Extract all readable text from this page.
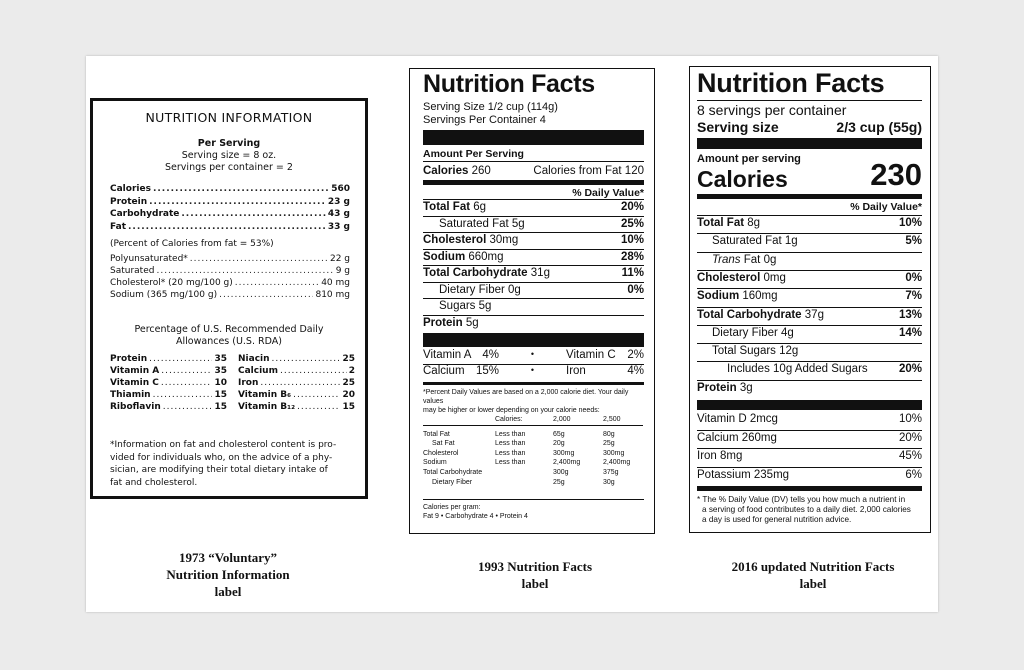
NUTRITION INFORMATION
Per Serving
Serving size = 8 oz.
Servings per container = 2
Calories .....	560
Protein .....	23 g
Carbohydrate .....	43 g
Fat .....	33 g
(Percent of Calories from fat = 53%)
Polyunsaturated* .....	22 g
Saturated .....	9 g
Cholesterol* (20 mg/100 g) .....	40 mg
Sodium (365 mg/100 g) .....	810 mg
Percentage of U.S. Recommended Daily
Allowances (U.S. RDA)
Protein .....	35
Vitamin A .....	35
Vitamin C .....	10
Thiamin .....	15
Riboflavin .....	15
Niacin .....	25
Calcium .....	2
Iron .....	25
Vitamin B₆ .....	20
Vitamin B₁₂ .....	15
*Information on fat and cholesterol content is pro-
vided for individuals who, on the advice of a phy-
sician, are modifying their total dietary intake of
fat and cholesterol.
1973 “Voluntary”
Nutrition Information
label
Nutrition Facts
Serving Size 1/2 cup (114g)
Servings Per Container 4
Amount Per Serving
Calories 260	Calories from Fat 120
% Daily Value*
Total Fat 6g	20%
Saturated Fat 5g	25%
Cholesterol 30mg	10%
Sodium 660mg	28%
Total Carbohydrate 31g	11%
Dietary Fiber 0g	0%
Sugars 5g
Protein 5g
Vitamin A 4%	•	Vitamin C 2%
Calcium 15%	•	Iron	4%
*Percent Daily Values are based on a 2,000 calorie diet. Your daily values
may be higher or lower depending on your calorie needs:
	Calories:	2,000	2,500

Total Fat	Less than	65g	80g
Sat Fat	Less than	20g	25g
Cholesterol	Less than	300mg	300mg
Sodium	Less than	2,400mg	2,400mg
Total Carbohydrate		300g	375g
Dietary Fiber		25g	30g
Calories per gram:
Fat 9 • Carbohydrate 4 • Protein 4
1993 Nutrition Facts
label
Nutrition Facts
8 servings per container
Serving size	2/3 cup (55g)
Amount per serving
Calories	230
% Daily Value*
Total Fat 8g	10%
Saturated Fat 1g	5%
Trans Fat 0g
Cholesterol 0mg	0%
Sodium 160mg	7%
Total Carbohydrate 37g	13%
Dietary Fiber 4g	14%
Total Sugars 12g
Includes 10g Added Sugars	20%
Protein 3g
Vitamin D 2mcg	10%
Calcium 260mg	20%
Iron 8mg	45%
Potassium 235mg	6%
* The % Daily Value (DV) tells you how much a nutrient in
a serving of food contributes to a daily diet. 2,000 calories
a day is used for general nutrition advice.
2016 updated Nutrition Facts
label
